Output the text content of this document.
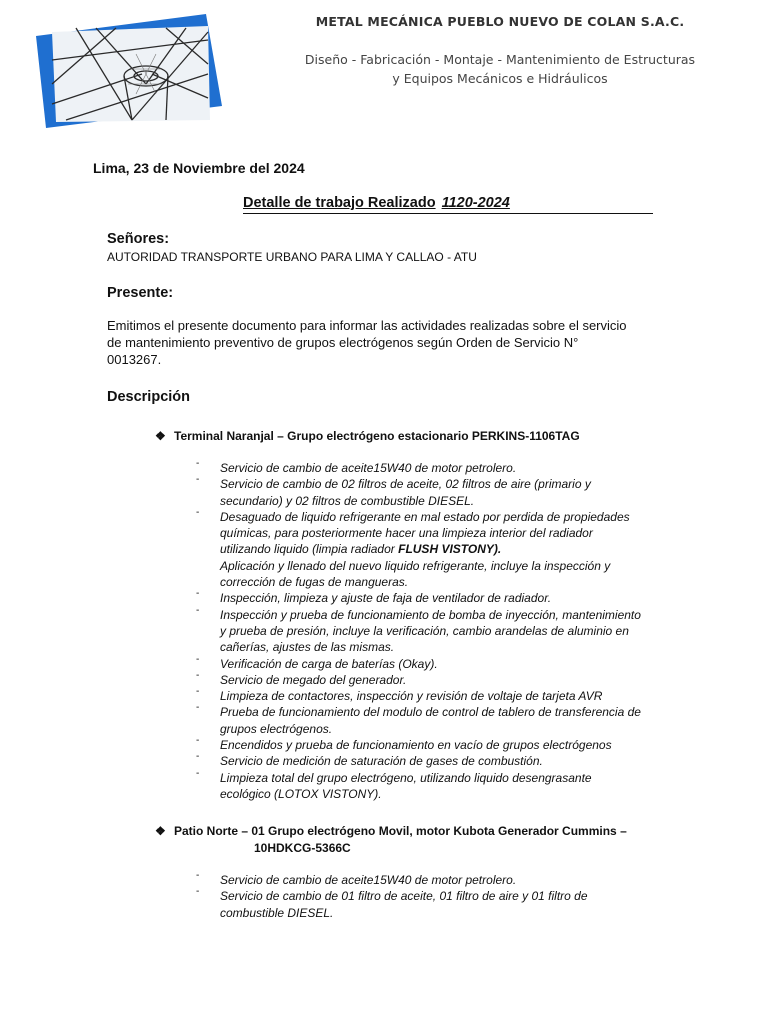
METAL MECÁNICA PUEBLO NUEVO DE COLAN S.A.C.
Diseño - Fabricación - Montaje - Mantenimiento de Estructuras
y Equipos Mecánicos e Hidráulicos
Lima, 23 de Noviembre del 2024
Detalle de trabajo Realizado 1120-2024
Señores:
AUTORIDAD TRANSPORTE URBANO PARA LIMA Y CALLAO - ATU
Presente:
Emitimos el presente documento para informar las actividades realizadas sobre el servicio
de mantenimiento preventivo de grupos electrógenos según Orden de Servicio N°
0013267.
Descripción
❖ Terminal Naranjal – Grupo electrógeno estacionario PERKINS-1106TAG
- Servicio de cambio de aceite15W40 de motor petrolero.
- Servicio de cambio de 02 filtros de aceite, 02 filtros de aire (primario y
secundario) y 02 filtros de combustible DIESEL.
- Desaguado de liquido refrigerante en mal estado por perdida de propiedades
químicas, para posteriormente hacer una limpieza interior del radiador
utilizando liquido (limpia radiador FLUSH VISTONY).
Aplicación y llenado del nuevo liquido refrigerante, incluye la inspección y
corrección de fugas de mangueras.
- Inspección, limpieza y ajuste de faja de ventilador de radiador.
- Inspección y prueba de funcionamiento de bomba de inyección, mantenimiento
y prueba de presión, incluye la verificación, cambio arandelas de aluminio en
cañerías, ajustes de las mismas.
- Verificación de carga de baterías (Okay).
- Servicio de megado del generador.
- Limpieza de contactores, inspección y revisión de voltaje de tarjeta AVR
- Prueba de funcionamiento del modulo de control de tablero de transferencia de
grupos electrógenos.
- Encendidos y prueba de funcionamiento en vacío de grupos electrógenos
- Servicio de medición de saturación de gases de combustión.
- Limpieza total del grupo electrógeno, utilizando liquido desengrasante
ecológico (LOTOX VISTONY).
❖ Patio Norte – 01 Grupo electrógeno Movil, motor Kubota Generador Cummins –
10HDKCG-5366C
- Servicio de cambio de aceite15W40 de motor petrolero.
- Servicio de cambio de 01 filtro de aceite, 01 filtro de aire y 01 filtro de
combustible DIESEL.
